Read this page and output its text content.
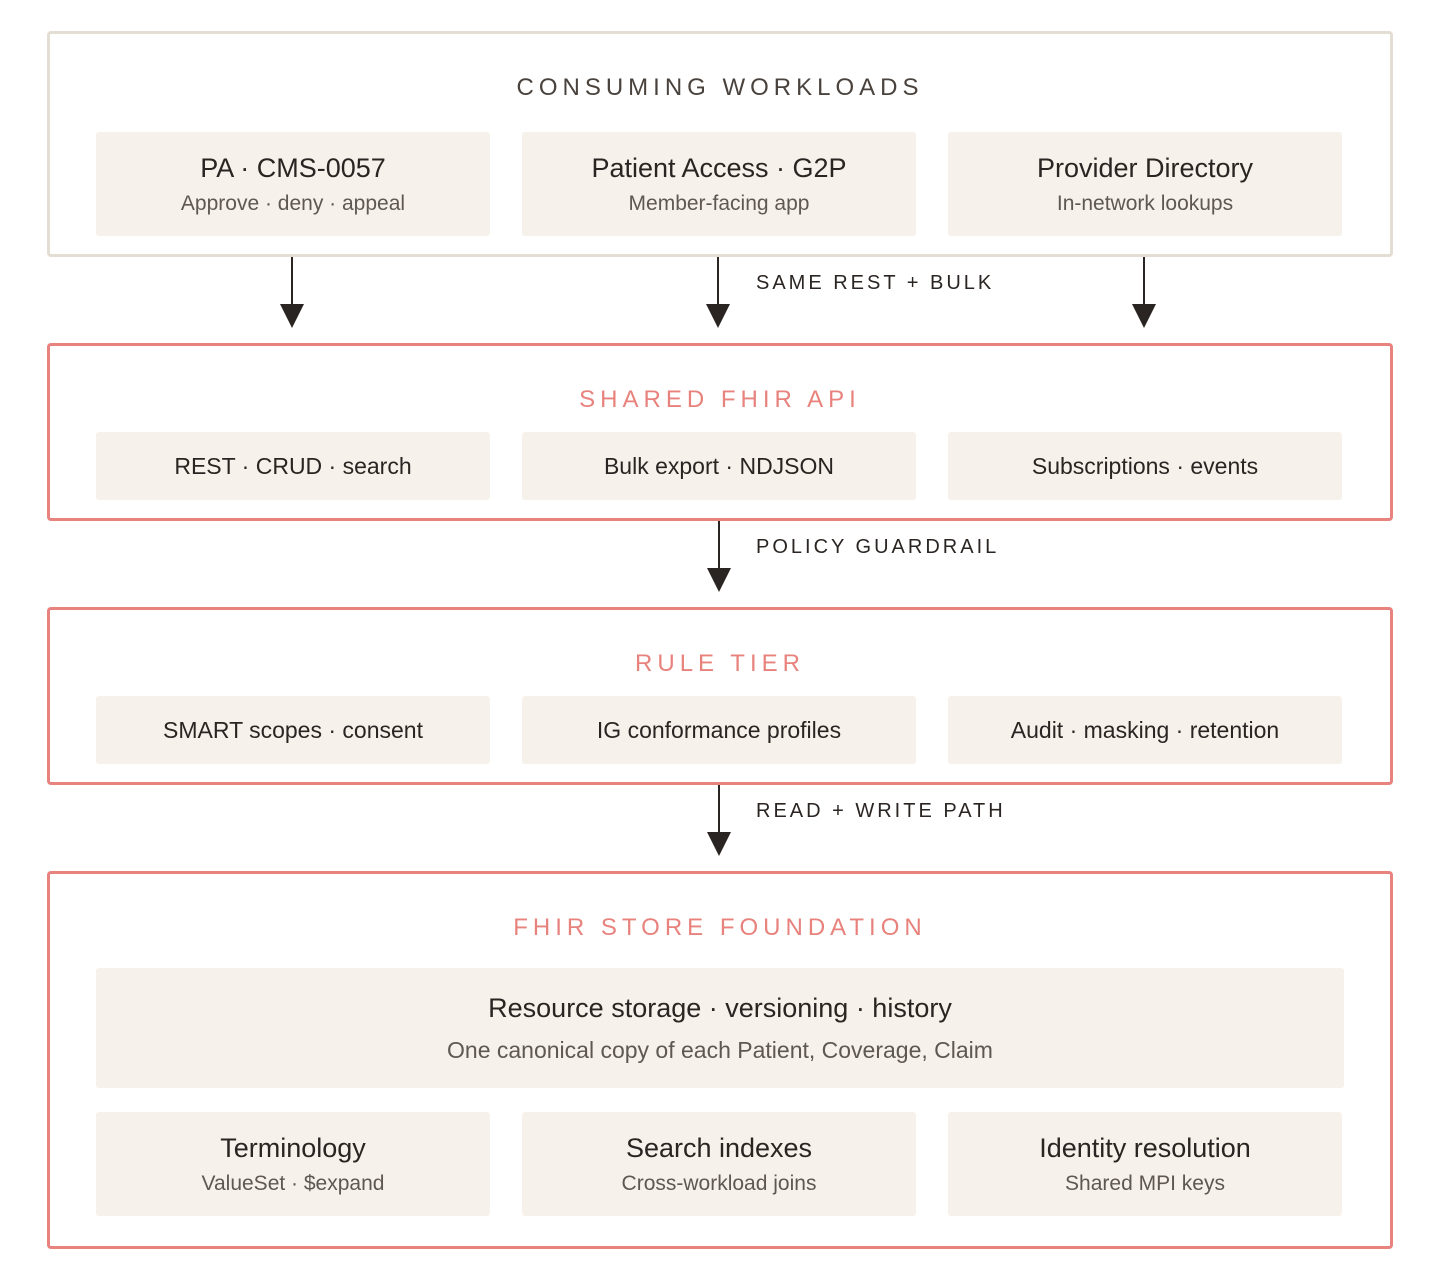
CONSUMING WORKLOADS
PA · CMS-0057
Approve · deny · appeal
Patient Access · G2P
Member-facing app
Provider Directory
In-network lookups
SAME REST + BULK
SHARED FHIR API
REST · CRUD · search	Bulk export · NDJSON	Subscriptions · events
POLICY GUARDRAIL
RULE TIER
SMART scopes · consent	IG conformance profiles	Audit · masking · retention
READ + WRITE PATH
FHIR STORE FOUNDATION
Resource storage · versioning · history
One canonical copy of each Patient, Coverage, Claim
Terminology
ValueSet · $expand
Search indexes
Cross-workload joins
Identity resolution
Shared MPI keys
